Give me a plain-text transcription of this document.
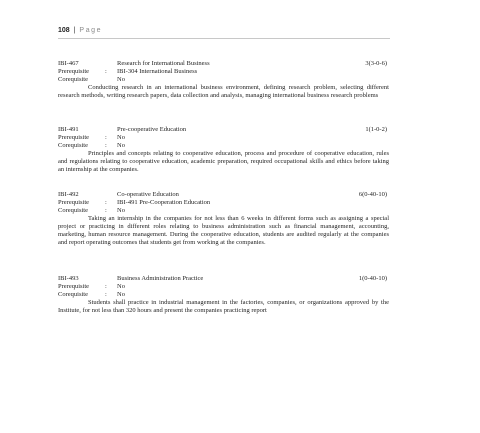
108 | Page
IBI-467	Research for International Business	3(3-0-6)
Prerequisite : IBI-304 International Business
Corequisite	No

Conducting research in an international business environment, defining research problem, selecting different research methods, writing research papers, data collection and analysis, managing international business research problems

IBI-491	Pre-cooperative Education	1(1-0-2)
Prerequisite : No
Corequisite	: No

Principles and concepts relating to cooperative education, process and procedure of cooperative education, rules and regulations relating to cooperative education, academic preparation, required occupational skills and ethics before taking an internship at the companies.

IBI-492	Co-operative Education	6(0-40-10)
Prerequisite : IBI-491 Pre-Cooperation Education
Corequisite	: No

Taking an internship in the companies for not less than 6 weeks in different forms such as assigning a special project or practicing in different roles relating to business administration such as financial management, accounting, marketing, human resource management. During the cooperative education, students are audited regularly at the companies and report operating outcomes that students get from working at the companies.

IBI-493	Business Administration Practice	1(0-40-10)
Prerequisite : No
Corequisite	: No

Students shall practice in industrial management in the factories, companies, or organizations approved by the Institute, for not less than 320 hours and present the companies practicing report
